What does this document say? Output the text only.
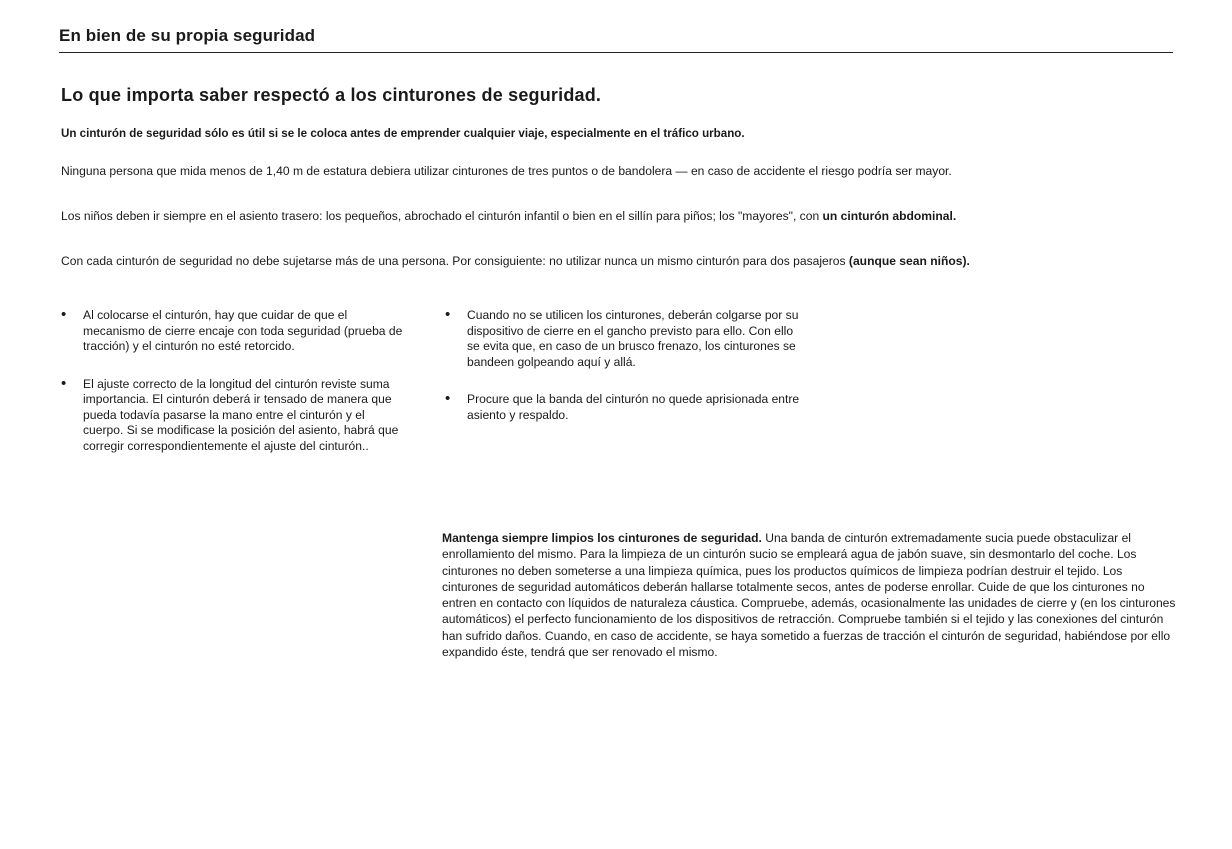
En bien de su propia seguridad
Lo que importa saber respectó a los cinturones de seguridad.
Un cinturón de seguridad sólo es útil si se le coloca antes de emprender cualquier viaje, especialmente en el tráfico urbano.
Ninguna persona que mida menos de 1,40 m de estatura debiera utilizar cinturones de tres puntos o de bandolera — en caso de accidente el riesgo podría ser mayor.
Los niños deben ir siempre en el asiento trasero: los pequeños, abrochado el cinturón infantil o bien en el sillín para piños; los "mayores", con un cinturón abdominal.
Con cada cinturón de seguridad no debe sujetarse más de una persona. Por consiguiente: no utilizar nunca un mismo cinturón para dos pasajeros (aunque sean niños).
• Al colocarse el cinturón, hay que cuidar de que el mecanismo de cierre encaje con toda seguridad (prueba de tracción) y el cinturón no esté retorcido.
• El ajuste correcto de la longitud del cinturón reviste suma importancia. El cinturón deberá ir tensado de manera que pueda todavía pasarse la mano entre el cinturón y el cuerpo. Si se modificase la posición del asiento, habrá que corregir correspondientemente el ajuste del cinturón..
• Cuando no se utilicen los cinturones, deberán colgarse por su dispositivo de cierre en el gancho previsto para ello. Con ello se evita que, en caso de un brusco frenazo, los cinturones se bandeen golpeando aquí y allá.
• Procure que la banda del cinturón no quede aprisionada entre asiento y respaldo.
Mantenga siempre limpios los cinturones de seguridad. Una banda de cinturón extremadamente sucia puede obstaculizar el enrollamiento del mismo. Para la limpieza de un cinturón sucio se empleará agua de jabón suave, sin desmontarlo del coche. Los cinturones no deben someterse a una limpieza química, pues los productos químicos de limpieza podrían destruir el tejido. Los cinturones de seguridad automáticos deberán hallarse totalmente secos, antes de poderse enrollar. Cuide de que los cinturones no entren en contacto con líquidos de naturaleza cáustica. Compruebe, además, ocasionalmente las unidades de cierre y (en los cinturones automáticos) el perfecto funcionamiento de los dispositivos de retracción. Compruebe también si el tejido y las conexiones del cinturón han sufrido daños. Cuando, en caso de accidente, se haya sometido a fuerzas de tracción el cinturón de seguridad, habiéndose por ello expandido éste, tendrá que ser renovado el mismo.
